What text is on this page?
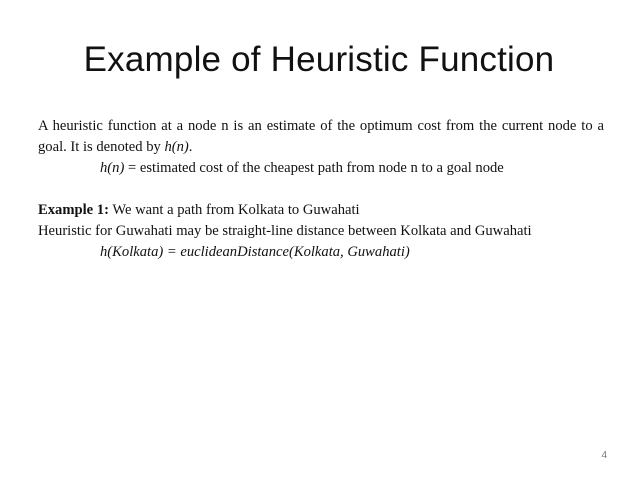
Example of Heuristic Function

A heuristic function at a node n is an estimate of the optimum cost from the current node to a goal. It is denoted by h(n).

h(n) = estimated cost of the cheapest path from node n to a goal node

Example 1: We want a path from Kolkata to Guwahati

Heuristic for Guwahati may be straight-line distance between Kolkata and Guwahati

h(Kolkata) = euclideanDistance(Kolkata, Guwahati)

4
